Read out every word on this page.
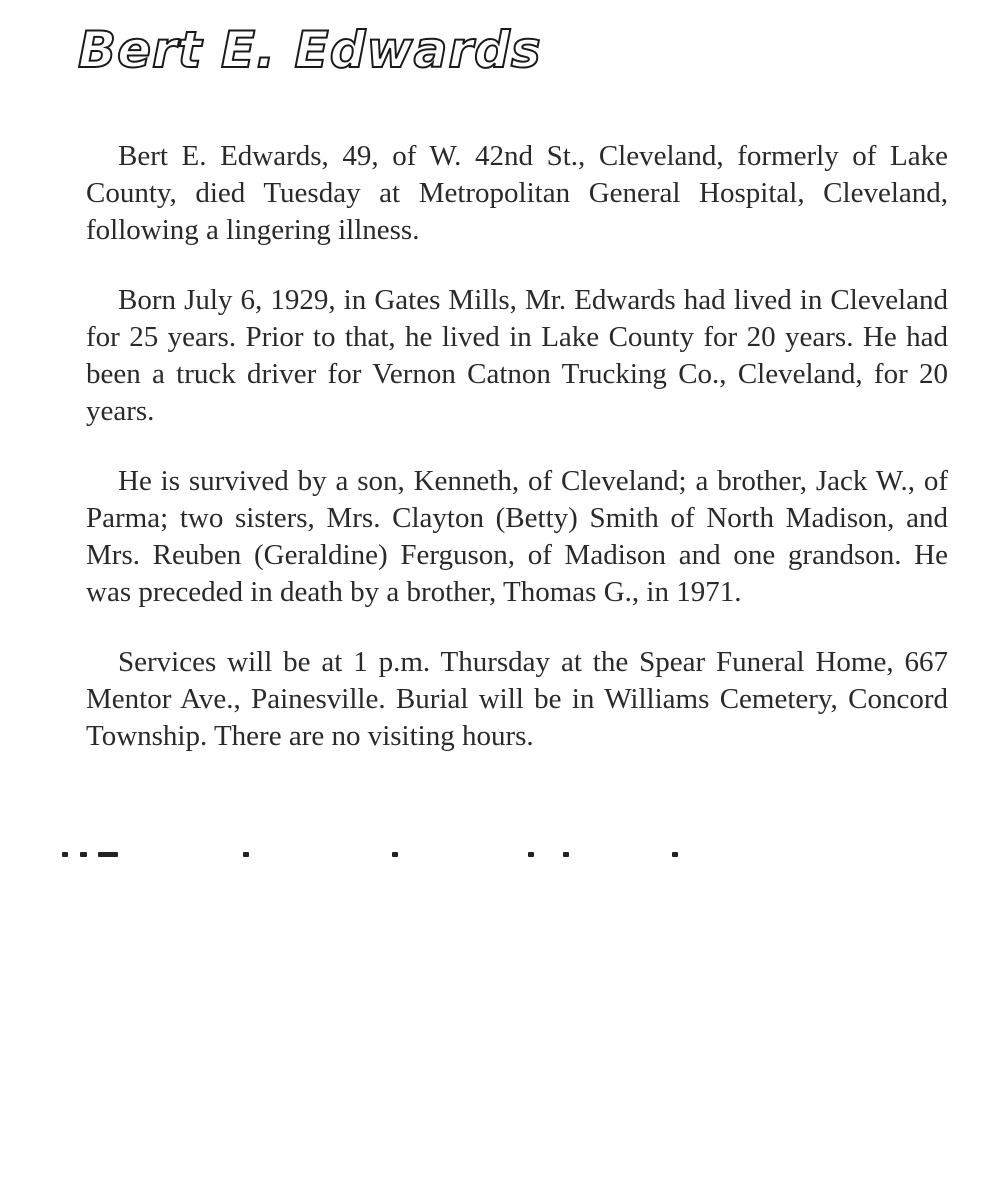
Bert E. Edwards

Bert E. Edwards, 49, of W. 42nd St., Cleveland, formerly of Lake County, died Tuesday at Metropolitan General Hospital, Cleveland, following a lingering illness.

Born July 6, 1929, in Gates Mills, Mr. Edwards had lived in Cleveland for 25 years. Prior to that, he lived in Lake County for 20 years. He had been a truck driver for Vernon Catnon Trucking Co., Cleveland, for 20 years.

He is survived by a son, Kenneth, of Cleveland; a brother, Jack W., of Parma; two sisters, Mrs. Clayton (Betty) Smith of North Madison, and Mrs. Reuben (Geraldine) Ferguson, of Madison and one grandson. He was preceded in death by a brother, Thomas G., in 1971.

Services will be at 1 p.m. Thursday at the Spear Funeral Home, 667 Mentor Ave., Painesville. Burial will be in Williams Cemetery, Concord Township. There are no visiting hours.
